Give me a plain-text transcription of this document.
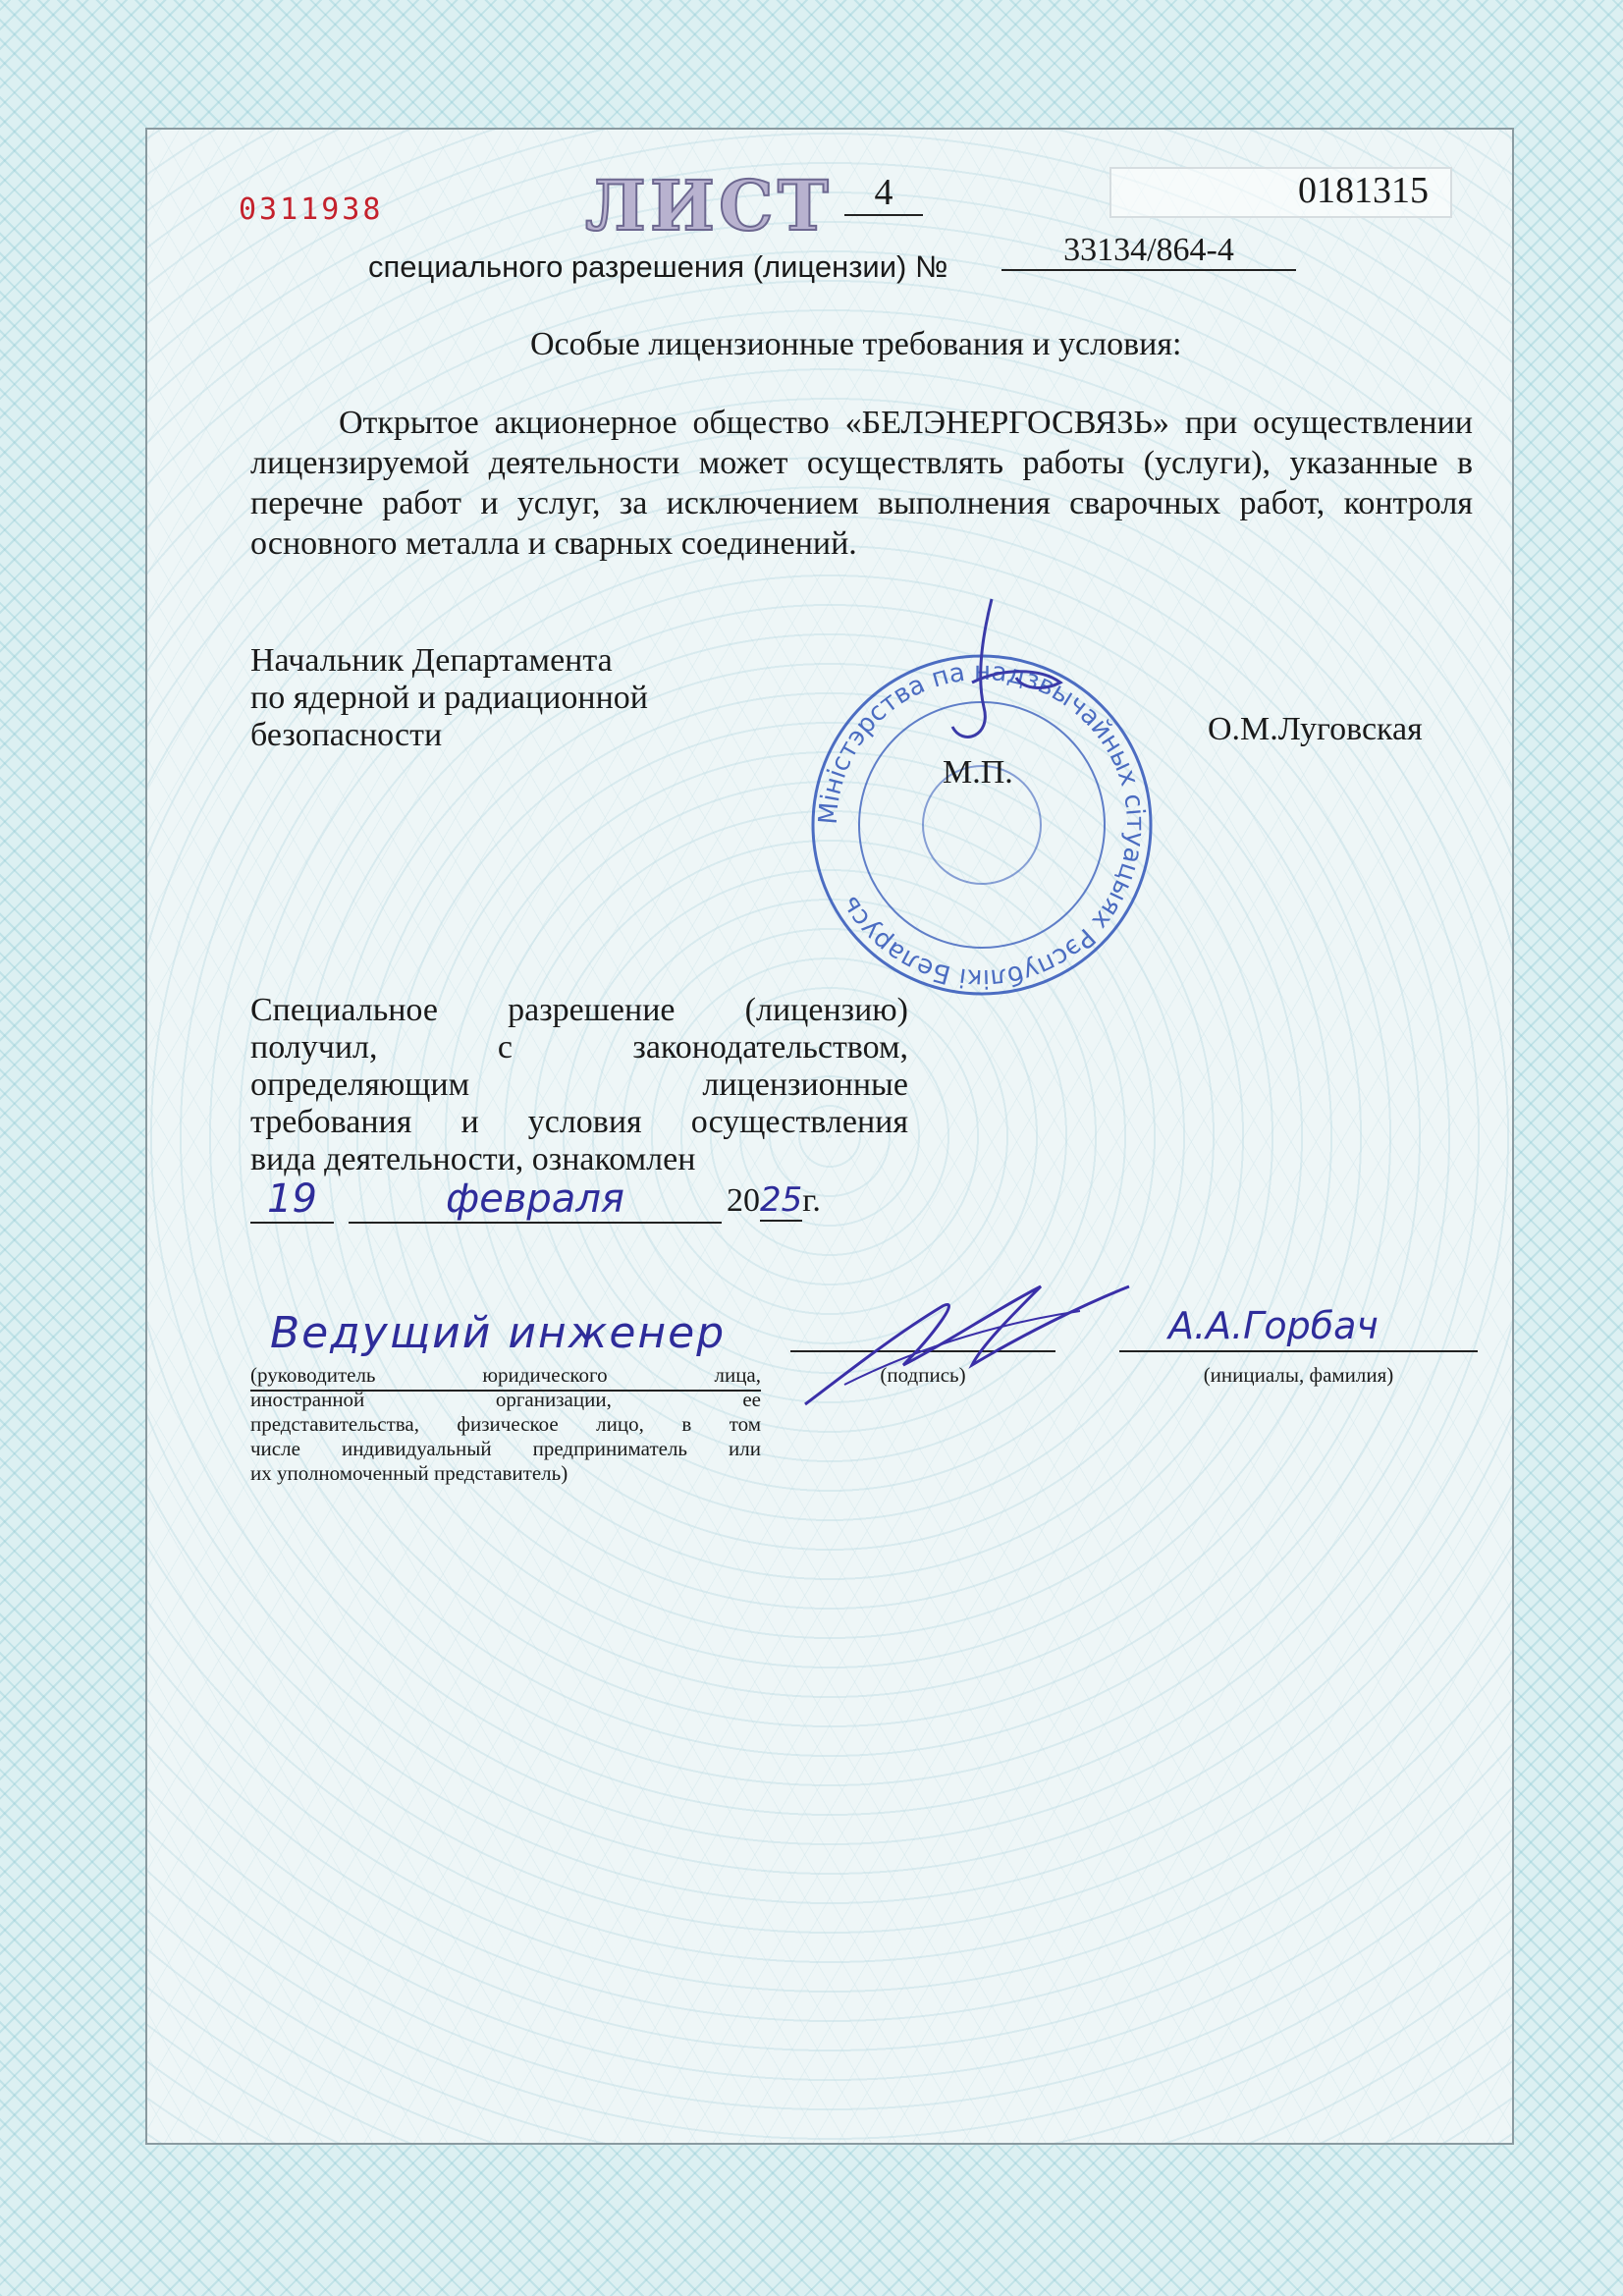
0311938	ЛИСТ	4	0181315
специального разрешения (лицензии) №	33134/864-4
Особые лицензионные требования и условия:
Открытое акционерное общество «БЕЛЭНЕРГОСВЯЗЬ» при осуществлении лицензируемой деятельности может осуществлять работы (услуги), указанные в перечне работ и услуг, за исключением выполнения сварочных работ, контроля основного металла и сварных соединений.
Начальник Департамента
по ядерной и радиационной
безопасности	О.М.Луговская
Міністэрства па надзвычайных сітуацыях Рэспублікі Беларусь
М.П.
Специальное разрешение (лицензию)
получил, с законодательством,
определяющим лицензионные
требования и условия осуществления
вида деятельности, ознакомлен
19	февраля	2025г.
Ведущий инженер
(руководитель юридического лица,
иностранной организации, ее
представительства, физическое лицо, в том
числе индивидуальный предприниматель или
их уполномоченный представитель)
(подпись)
А.А.Горбач
(инициалы, фамилия)
